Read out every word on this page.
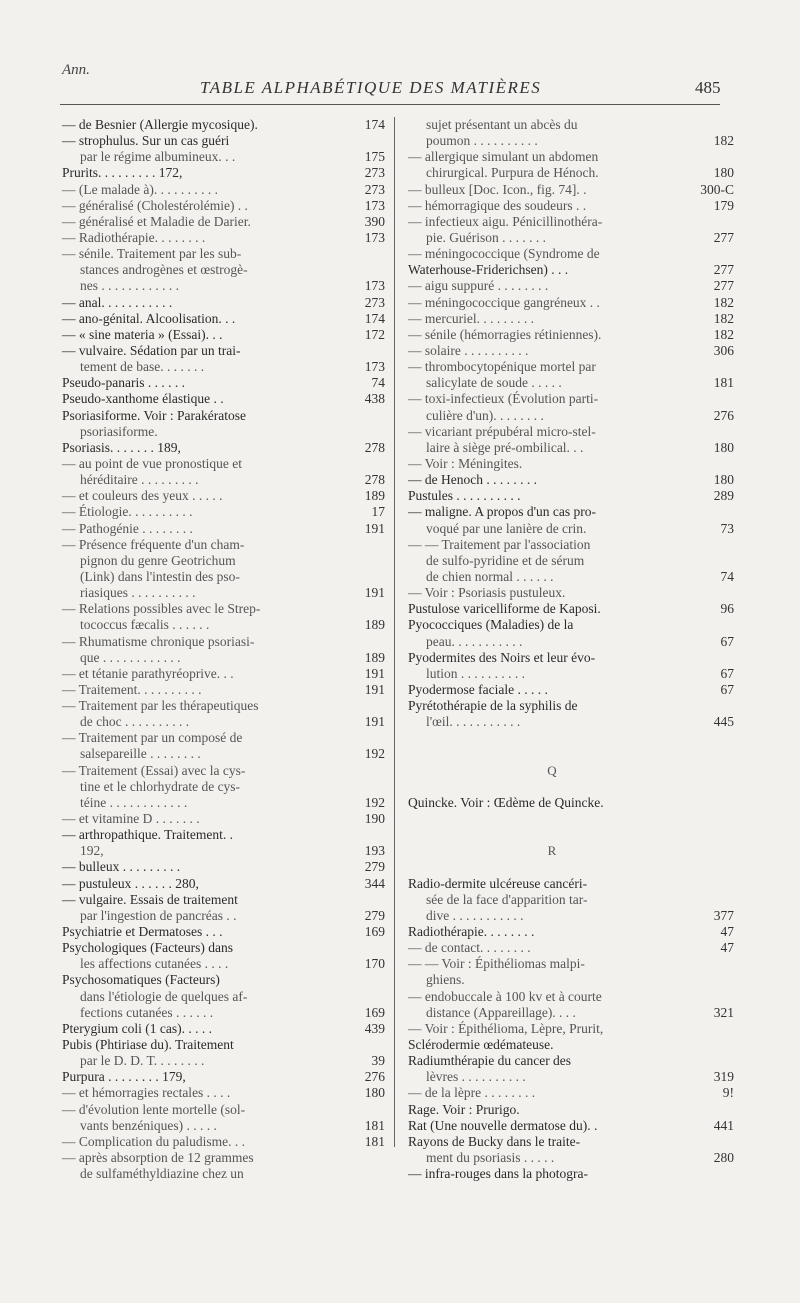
Ann.
TABLE ALPHABÉTIQUE DES MATIÈRES	485
— de Besnier (Allergie mycosique).
— strophulus. Sur un cas guéri
par le régime albumineux. . .
Prurits. . . . . . . . . 172,
— (Le malade à). . . . . . . . . .
— généralisé (Cholestérolémie) . .
— généralisé et Maladie de Darier.
— Radiothérapie. . . . . . . .
— sénile. Traitement par les sub-
stances androgènes et œstrogè-
nes . . . . . . . . . . . .
— anal. . . . . . . . . . .
— ano-génital. Alcoolisation. . .
— « sine materia » (Essai). . .
— vulvaire. Sédation par un trai-
tement de base. . . . . . .
Pseudo-panaris . . . . . .
Pseudo-xanthome élastique . .
Psoriasiforme. Voir : Parakératose
psoriasiforme.
Psoriasis. . . . . . . 189,
— au point de vue pronostique et
héréditaire . . . . . . . . .
— et couleurs des yeux . . . . .
— Étiologie. . . . . . . . . .
— Pathogénie . . . . . . . .
— Présence fréquente d'un cham-
pignon du genre Geotrichum
(Link) dans l'intestin des pso-
riasiques . . . . . . . . . .
— Relations possibles avec le Strep-
tococcus fæcalis . . . . . .
— Rhumatisme chronique psoriasi-
que . . . . . . . . . . . .
— et tétanie parathyréoprive. . .
— Traitement. . . . . . . . . .
— Traitement par les thérapeutiques
de choc . . . . . . . . . .
— Traitement par un composé de
salsepareille . . . . . . . .
— Traitement (Essai) avec la cys-
tine et le chlorhydrate de cys-
téine . . . . . . . . . . . .
— et vitamine D . . . . . . .
— arthropathique. Traitement. .
192,
— bulleux . . . . . . . . .
— pustuleux . . . . . . 280,
— vulgaire. Essais de traitement
par l'ingestion de pancréas . .
Psychiatrie et Dermatoses . . .
Psychologiques (Facteurs) dans
les affections cutanées . . . .
Psychosomatiques (Facteurs)
dans l'étiologie de quelques af-
fections cutanées . . . . . .
Pterygium coli (1 cas). . . . .
Pubis (Phtiriase du). Traitement
par le D. D. T. . . . . . . .
Purpura . . . . . . . . 179,
— et hémorragies rectales . . . .
— d'évolution lente mortelle (sol-
vants benzéniques) . . . . .
— Complication du paludisme. . .
— après absorption de 12 grammes
de sulfaméthyldiazine chez un
174
175
273
273
173
390
173
173
273
174
172
173
74
438
278
278
189
17
191
191
189
189
191
191
191
192
192
190
193
279
344
279
169
170
169
439
39
276
180
181
181
sujet présentant un abcès du
poumon . . . . . . . . . .
— allergique simulant un abdomen
chirurgical. Purpura de Hénoch.
— bulleux [Doc. Icon., fig. 74]. .
— hémorragique des soudeurs . .
— infectieux aigu. Pénicillinothéra-
pie. Guérison . . . . . . .
— méningococcique (Syndrome de
Waterhouse-Friderichsen) . . .
— aigu suppuré . . . . . . . .
— méningococcique gangréneux . .
— mercuriel. . . . . . . . .
— sénile (hémorragies rétiniennes).
— solaire . . . . . . . . . .
— thrombocytopénique mortel par
salicylate de soude . . . . .
— toxi-infectieux (Évolution parti-
culière d'un). . . . . . . .
— vicariant prépubéral micro-stel-
laire à siège pré-ombilical. . .
— Voir : Méningites.
— de Henoch . . . . . . . .
Pustules . . . . . . . . . .
— maligne. A propos d'un cas pro-
voqué par une lanière de crin.
— — Traitement par l'association
de sulfo-pyridine et de sérum
de chien normal . . . . . .
— Voir : Psoriasis pustuleux.
Pustulose varicelliforme de Kaposi.
Pyococciques (Maladies) de la
peau. . . . . . . . . . .
Pyodermites des Noirs et leur évo-
lution . . . . . . . . . .
Pyodermose faciale . . . . .
Pyrétothérapie de la syphilis de
l'œil. . . . . . . . . . .
Q
Quincke. Voir : Œdème de Quincke.
R
Radio-dermite ulcéreuse cancéri-
sée de la face d'apparition tar-
dive . . . . . . . . . . .
Radiothérapie. . . . . . . .
— de contact. . . . . . . .
— — Voir : Épithéliomas malpi-
ghiens.
— endobuccale à 100 kv et à courte
distance (Appareillage). . . .
— Voir : Épithélioma, Lèpre, Prurit,
Sclérodermie œdémateuse.
Radiumthérapie du cancer des
lèvres . . . . . . . . . .
— de la lèpre . . . . . . . .
Rage. Voir : Prurigo.
Rat (Une nouvelle dermatose du). .
Rayons de Bucky dans le traite-
ment du psoriasis . . . . .
— infra-rouges dans la photogra-
182
180
300-C
179
277
277
277
182
182
182
306
181
276
180
180
289
73
74
96
67
67
67
445
377
47
47
321
319
9!
441
280
